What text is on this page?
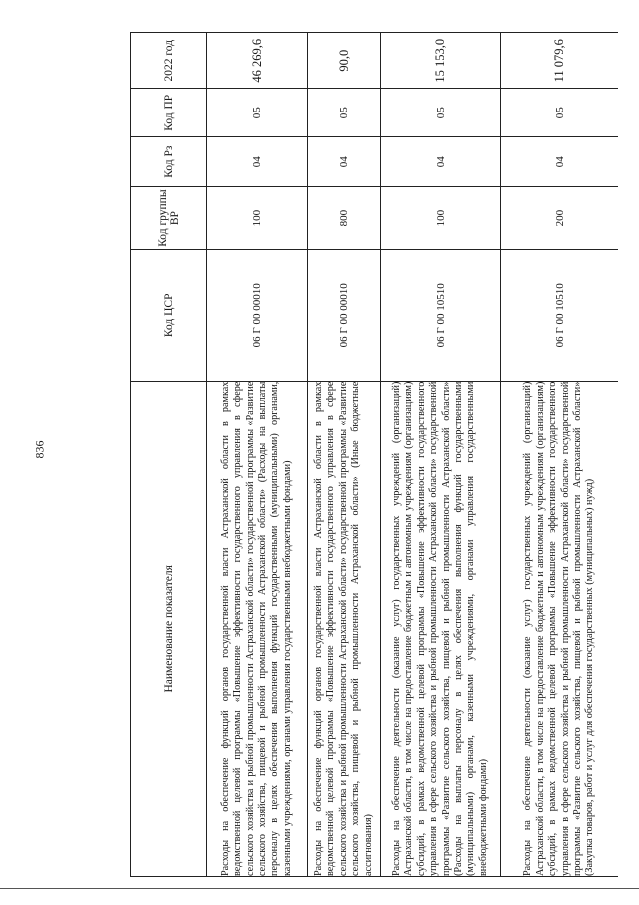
836
Наименование показателя	Код ЦСР	Код группы ВР	Код Рз	Код ПР	2022 год
Расходы на обеспечение функций органов государственной власти Астраханской области в рамках ведомственной целевой программы «Повышение эффективности государственного управления в сфере сельского хозяйства и рыбной промышленности Астраханской области» государственной программы «Развитие сельского хозяйства, пищевой и рыбной промышленности Астраханской области» (Расходы на выплаты персоналу в целях обеспечения выполнения функций государственными (муниципальными) органами, казенными учреждениями, органами управления государственными внебюджетными фондами)	06 Г 00 00010	100	04	05	46 269,6
Расходы на обеспечение функций органов государственной власти Астраханской области в рамках ведомственной целевой программы «Повышение эффективности государственного управления в сфере сельского хозяйства и рыбной промышленности Астраханской области» государственной программы «Развитие сельского хозяйства, пищевой и рыбной промышленности Астраханской области» (Иные бюджетные ассигнования)	06 Г 00 00010	800	04	05	90,0
Расходы на обеспечение деятельности (оказание услуг) государственных учреждений (организаций) Астраханской области, в том числе на предоставление бюджетным и автономным учреждениям (организациям) субсидий, в рамках ведомственной целевой программы «Повышение эффективности государственного управления в сфере сельского хозяйства и рыбной промышленности Астраханской области» государственной программы «Развитие сельского хозяйства, пищевой и рыбной промышленности Астраханской области» (Расходы на выплаты персоналу в целях обеспечения выполнения функций государственными (муниципальными) органами, казенными учреждениями, органами управления государственными внебюджетными фондами)	06 Г 00 10510	100	04	05	15 153,0
Расходы на обеспечение деятельности (оказание услуг) государственных учреждений (организаций) Астраханской области, в том числе на предоставление бюджетным и автономным учреждениям (организациям) субсидий, в рамках ведомственной целевой программы «Повышение эффективности государственного управления в сфере сельского хозяйства и рыбной промышленности Астраханской области» государственной программы «Развитие сельского хозяйства, пищевой и рыбной промышленности Астраханской области» (Закупка товаров, работ и услуг для обеспечения государственных (муниципальных) нужд)	06 Г 00 10510	200	04	05	11 079,6
